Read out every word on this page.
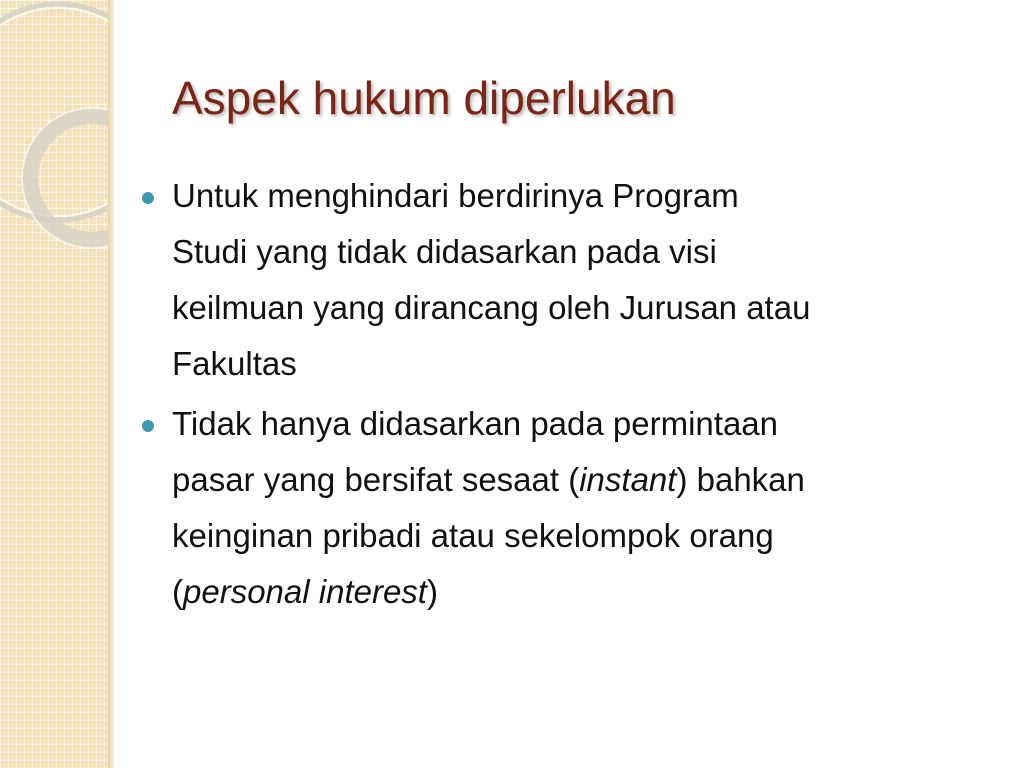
Aspek hukum diperlukan
Untuk menghindari berdirinya Program
Studi yang tidak didasarkan pada visi
keilmuan yang dirancang oleh Jurusan atau
Fakultas
Tidak hanya didasarkan pada permintaan
pasar yang bersifat sesaat (instant) bahkan
keinginan pribadi atau sekelompok orang
(personal interest)
